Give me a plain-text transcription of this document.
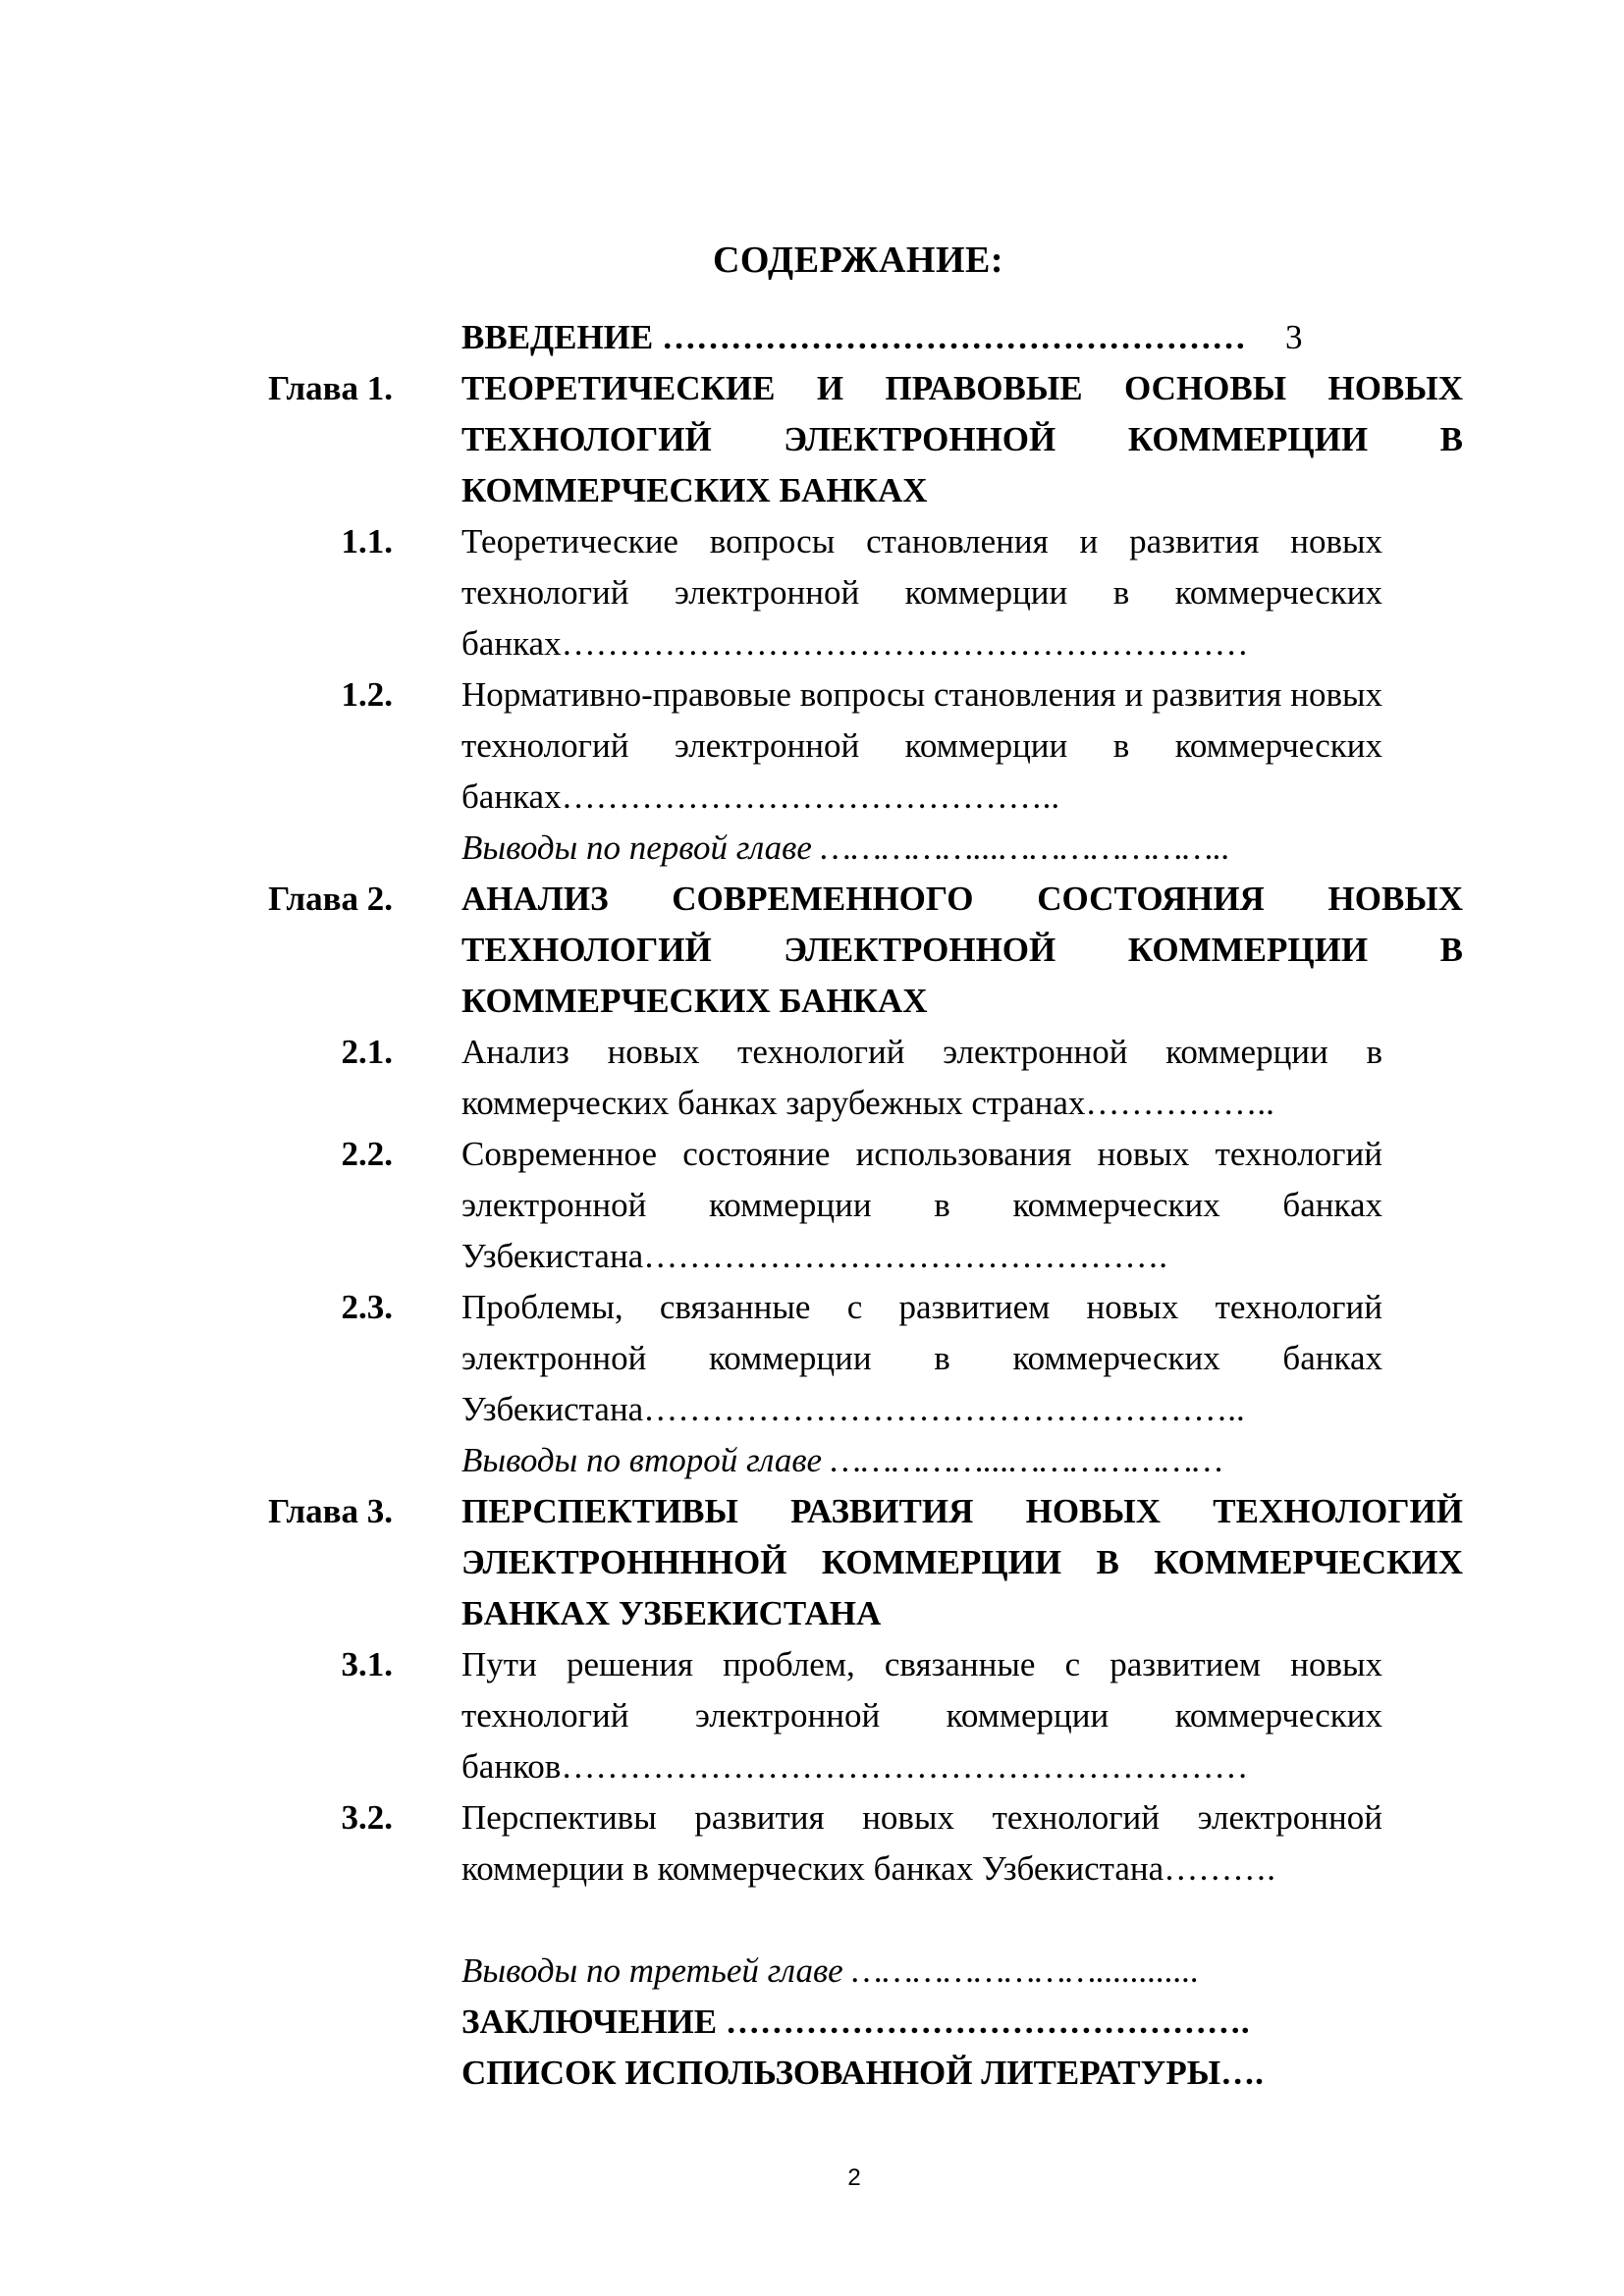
СОДЕРЖАНИЕ:
ВВЕДЕНИЕ …………………………………………… 3
Глава 1. ТЕОРЕТИЧЕСКИЕ И ПРАВОВЫЕ ОСНОВЫ НОВЫХ ТЕХНОЛОГИЙ ЭЛЕКТРОННОЙ КОММЕРЦИИ В КОММЕРЧЕСКИХ БАНКАХ
1.1. Теоретические вопросы становления и развития новых технологий электронной коммерции в коммерческих банках……………………………………………………
1.2. Нормативно-правовые вопросы становления и развития новых технологий электронной коммерции в коммерческих банках……………………………………..
Выводы по первой главе ……………...…………………..
Глава 2. АНАЛИЗ СОВРЕМЕННОГО СОСТОЯНИЯ НОВЫХ ТЕХНОЛОГИЙ ЭЛЕКТРОННОЙ КОММЕРЦИИ В КОММЕРЧЕСКИХ БАНКАХ
2.1. Анализ новых технологий электронной коммерции в коммерческих банках зарубежных странах……………..
2.2. Современное состояние использования новых технологий электронной коммерции в коммерческих банках Узбекистана……………………………………….
2.3. Проблемы, связанные с развитием новых технологий электронной коммерции в коммерческих банках Узбекистана……………………………………………..
Выводы по второй главе ……………...…………………
Глава 3. ПЕРСПЕКТИВЫ РАЗВИТИЯ НОВЫХ ТЕХНОЛОГИЙ ЭЛЕКТРОННННОЙ КОММЕРЦИИ В КОММЕРЧЕСКИХ БАНКАХ УЗБЕКИСТАНА
3.1. Пути решения проблем, связанные с развитием новых технологий электронной коммерции коммерческих банков……………………………………………………
3.2. Перспективы развития новых технологий электронной коммерции в коммерческих банках Узбекистана……….
Выводы по третьей главе ……………………............
ЗАКЛЮЧЕНИЕ ……………………………………….
СПИСОК ИСПОЛЬЗОВАННОЙ ЛИТЕРАТУРЫ….
2
